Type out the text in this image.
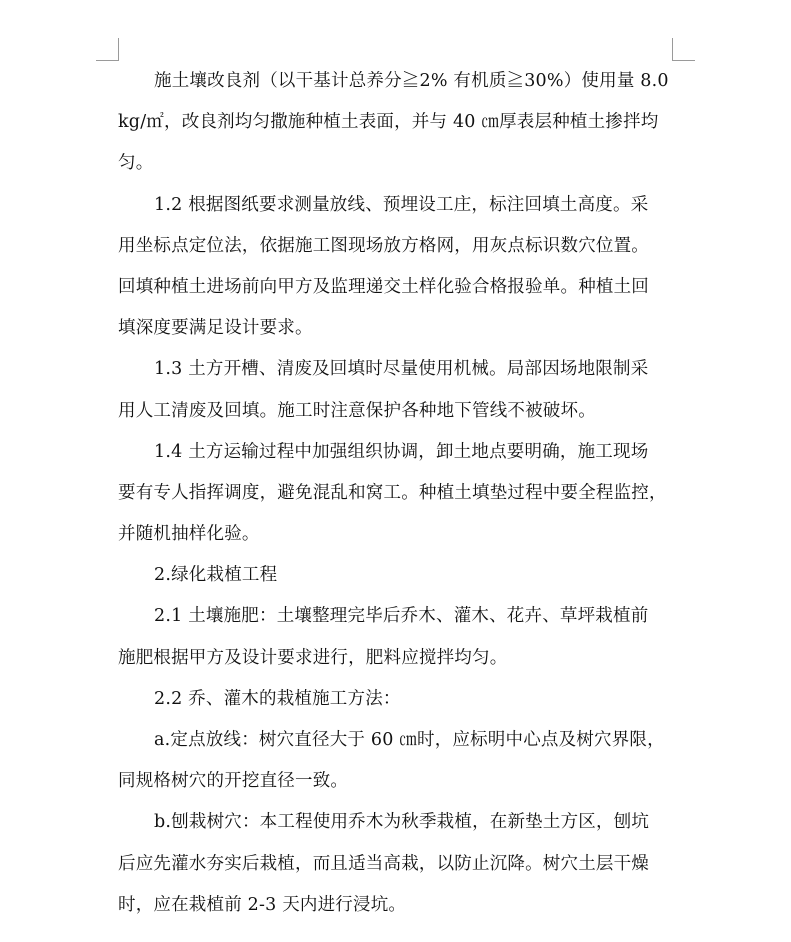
施土壤改良剂（以干基计总养分≧2% 有机质≧30%）使用量 8.0
kg/㎡，改良剂均匀撒施种植土表面，并与 40 ㎝厚表层种植土掺拌均
匀。
1.2 根据图纸要求测量放线、预埋设工庄，标注回填土高度。采
用坐标点定位法，依据施工图现场放方格网，用灰点标识数穴位置。
回填种植土进场前向甲方及监理递交土样化验合格报验单。种植土回
填深度要满足设计要求。
1.3 土方开槽、清废及回填时尽量使用机械。局部因场地限制采
用人工清废及回填。施工时注意保护各种地下管线不被破坏。
1.4 土方运输过程中加强组织协调，卸土地点要明确，施工现场
要有专人指挥调度，避免混乱和窝工。种植土填垫过程中要全程监控，
并随机抽样化验。
2.绿化栽植工程
2.1 土壤施肥：土壤整理完毕后乔木、灌木、花卉、草坪栽植前
施肥根据甲方及设计要求进行，肥料应搅拌均匀。
2.2 乔、灌木的栽植施工方法：
a.定点放线：树穴直径大于 60 ㎝时，应标明中心点及树穴界限，
同规格树穴的开挖直径一致。
b.刨栽树穴：本工程使用乔木为秋季栽植，在新垫土方区，刨坑
后应先灌水夯实后栽植，而且适当高栽，以防止沉降。树穴土层干燥
时，应在栽植前 2-3 天内进行浸坑。
